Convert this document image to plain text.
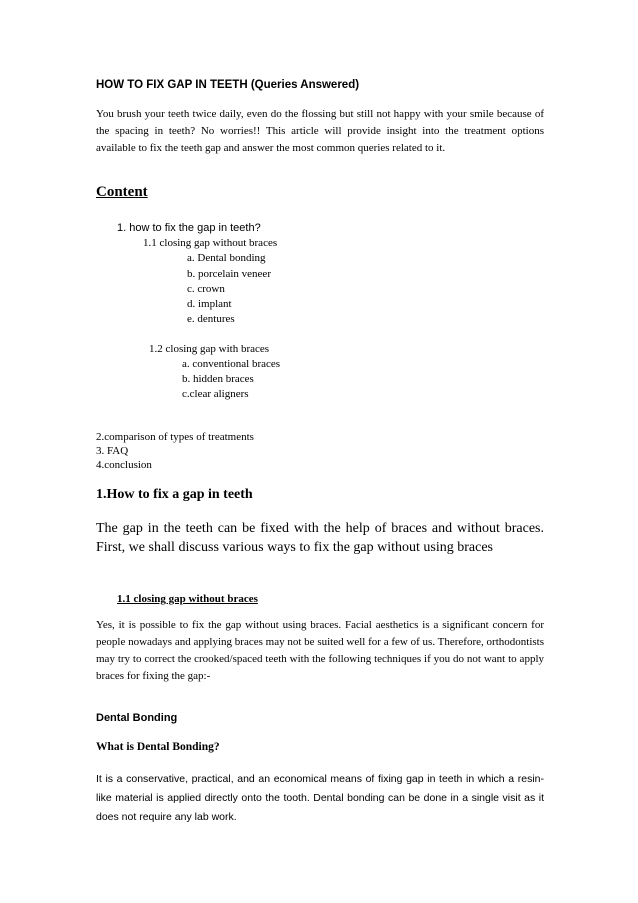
HOW TO FIX GAP IN TEETH (Queries Answered)

You brush your teeth twice daily, even do the flossing but still not happy with your smile because of the spacing in teeth? No worries!! This article will provide insight into the treatment options available to fix the teeth gap and answer the most common queries related to it.

Content

1. how to fix the gap in teeth?

1.1 closing gap without braces

a. Dental bonding

b. porcelain veneer

c. crown

d. implant

e. dentures

1.2 closing gap with braces

a. conventional braces

b. hidden braces

c.clear aligners

2.comparison of types of treatments

3. FAQ

4.conclusion

1.How to fix a gap in teeth

The gap in the teeth can be fixed with the help of braces and without braces. First, we shall discuss various ways to fix the gap without using braces

1.1 closing gap without braces

Yes, it is possible to fix the gap without using braces. Facial aesthetics is a significant concern for people nowadays and applying braces may not be suited well for a few of us. Therefore, orthodontists may try to correct the crooked/spaced teeth with the following techniques if you do not want to apply braces for fixing the gap:-

Dental Bonding

What is Dental Bonding?

It is a conservative, practical, and an economical means of fixing gap in teeth in which a resin-like material is applied directly onto the tooth. Dental bonding can be done in a single visit as it does not require any lab work.
